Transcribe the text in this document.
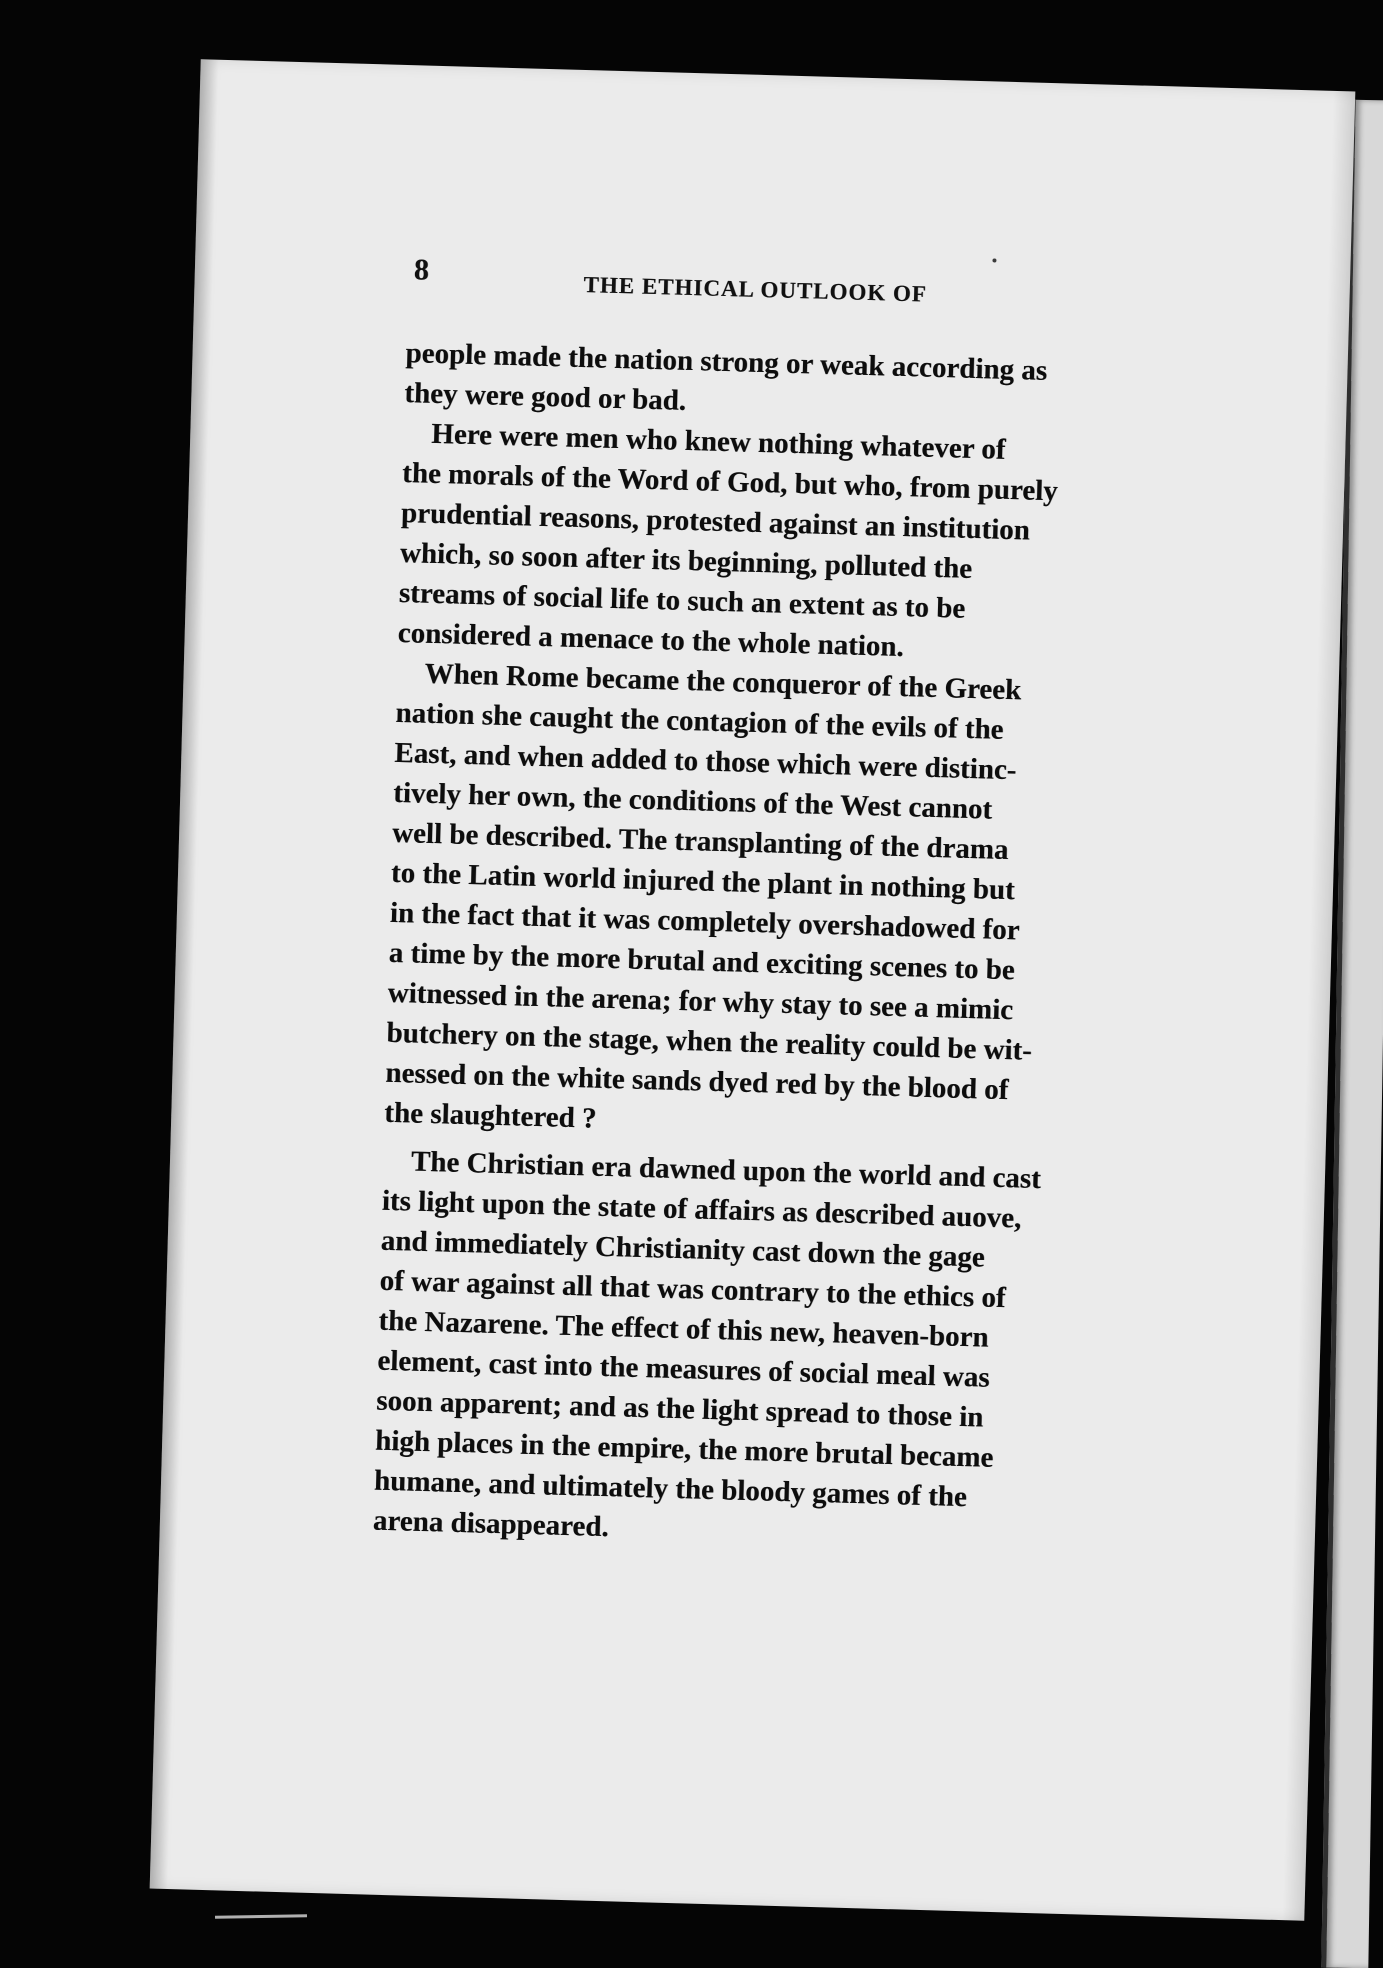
8
THE ETHICAL OUTLOOK OF

people made the nation strong or weak according as
they were good or bad.

Here were men who knew nothing whatever of
the morals of the Word of God, but who, from purely
prudential reasons, protested against an institution
which, so soon after its beginning, polluted the
streams of social life to such an extent as to be
considered a menace to the whole nation.

When Rome became the conqueror of the Greek
nation she caught the contagion of the evils of the
East, and when added to those which were distinc-
tively her own, the conditions of the West cannot
well be described. The transplanting of the drama
to the Latin world injured the plant in nothing but
in the fact that it was completely overshadowed for
a time by the more brutal and exciting scenes to be
witnessed in the arena; for why stay to see a mimic
butchery on the stage, when the reality could be wit-
nessed on the white sands dyed red by the blood of
the slaughtered ?

The Christian era dawned upon the world and cast
its light upon the state of affairs as described auove,
and immediately Christianity cast down the gage
of war against all that was contrary to the ethics of
the Nazarene. The effect of this new, heaven-born
element, cast into the measures of social meal was
soon apparent; and as the light spread to those in
high places in the empire, the more brutal became
humane, and ultimately the bloody games of the
arena disappeared.
